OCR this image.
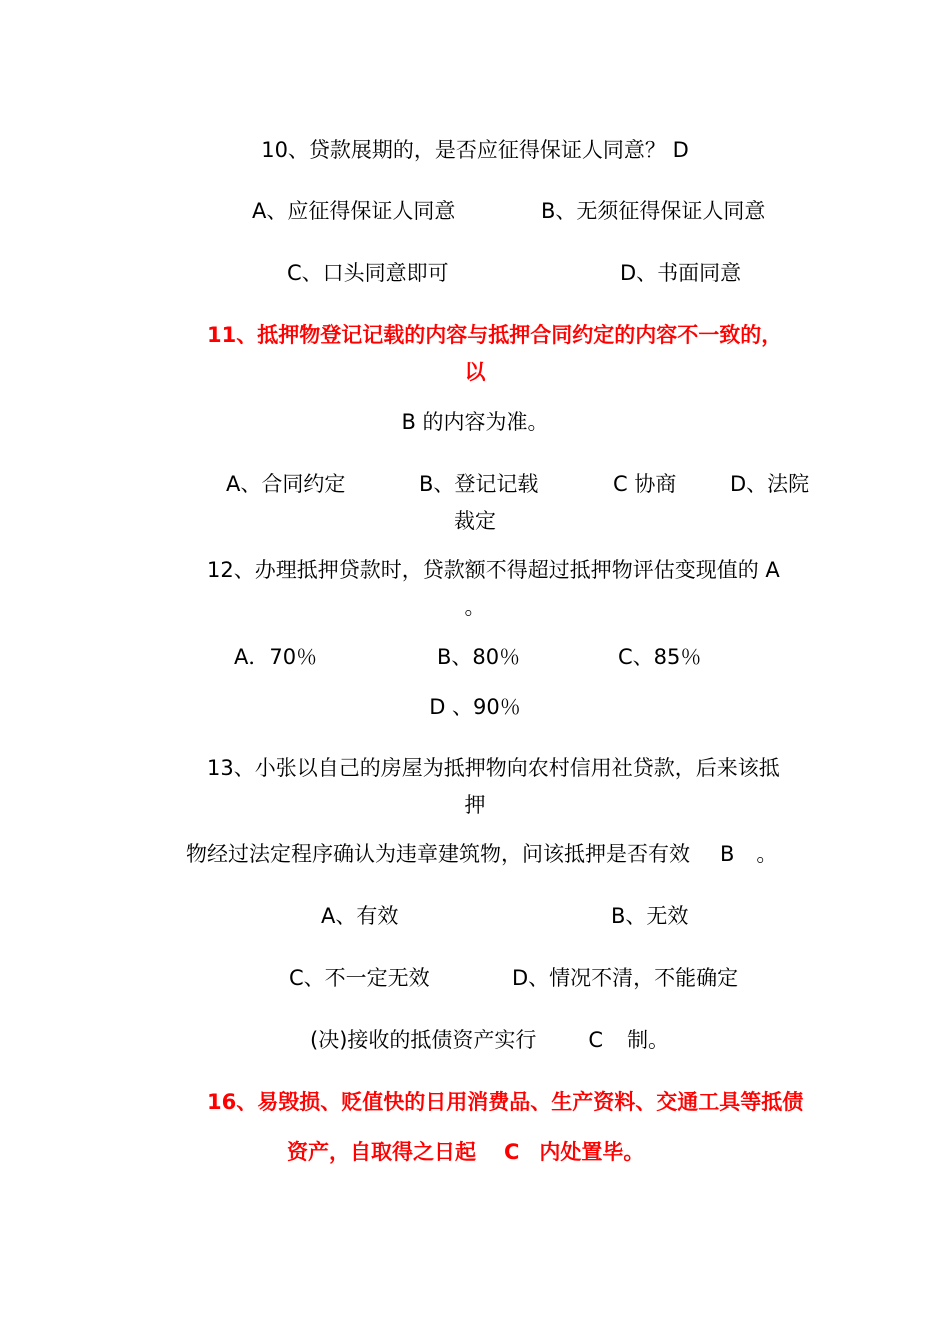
10、贷款展期的，是否应征得保证人同意？ D
A、应征得保证人同意	B、无须征得保证人同意
C、口头同意即可	D、书面同意
11、抵押物登记记载的内容与抵押合同约定的内容不一致的，
以
B 的内容为准。
A、合同约定	B、登记记载	C 协商	D、法院
裁定
12、办理抵押贷款时，贷款额不得超过抵押物评估变现值的 A
。
A．70％	B、80％	C、85％
D 、90％
13、小张以自己的房屋为抵押物向农村信用社贷款，后来该抵
押
物经过法定程序确认为违章建筑物，问该抵押是否有效 B 。
A、有效	B、无效
C、不一定无效	D、情况不清，不能确定
(决)接收的抵债资产实行 C 制。
16、易毁损、贬值快的日用消费品、生产资料、交通工具等抵债
资产，自取得之日起 C 内处置毕。
